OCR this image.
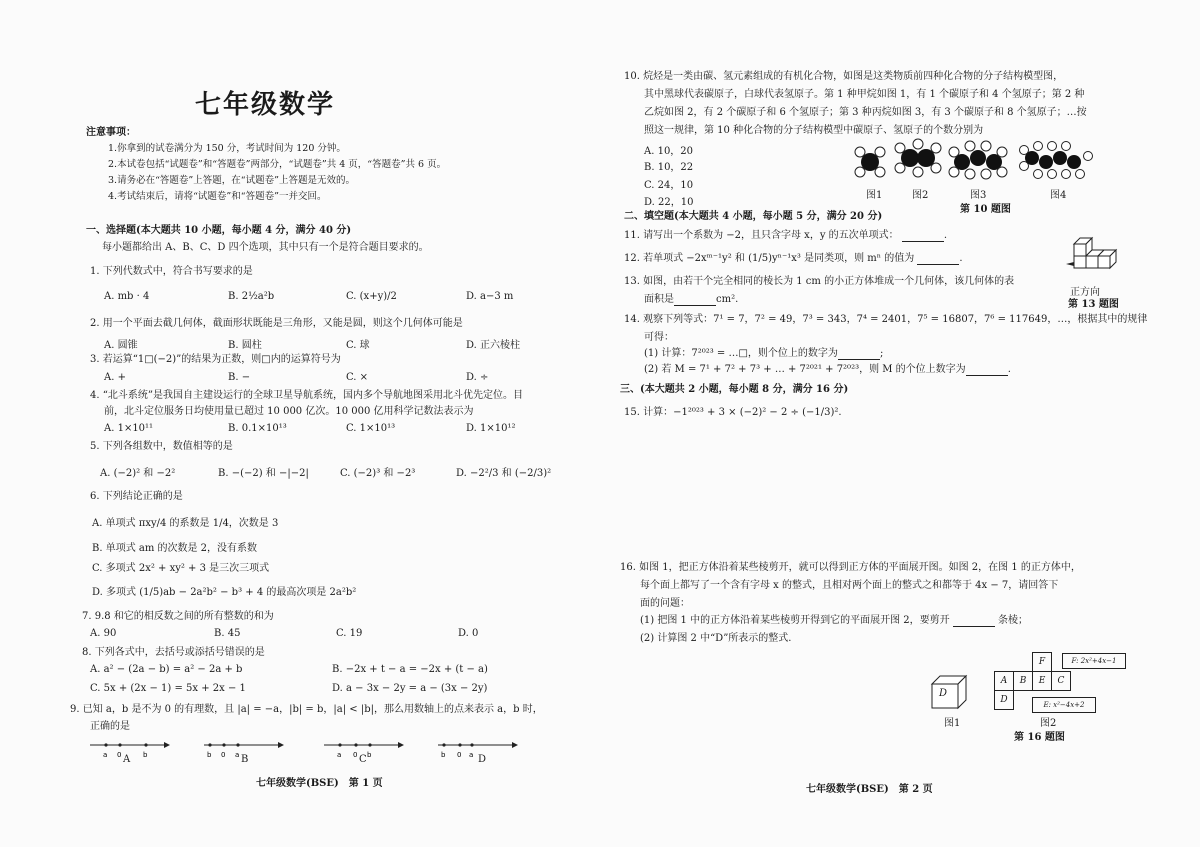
七年级数学
注意事项：
1.你拿到的试卷满分为 150 分，考试时间为 120 分钟。
2.本试卷包括“试题卷”和“答题卷”两部分，“试题卷”共 4 页，“答题卷”共 6 页。
3.请务必在“答题卷”上答题，在“试题卷”上答题是无效的。
4.考试结束后，请将“试题卷”和“答题卷”一并交回。
一、选择题(本大题共 10 小题，每小题 4 分，满分 40 分)
每小题都给出 A、B、C、D 四个选项，其中只有一个是符合题目要求的。
1. 下列代数式中，符合书写要求的是
A. mb · 4	B. 2½a²b	C. (x+y)/2	D. a−3 m
2. 用一个平面去截几何体，截面形状既能是三角形，又能是圆，则这个几何体可能是
A. 圆锥	B. 圆柱	C. 球	D. 正六棱柱
3. 若运算“1□(−2)”的结果为正数，则□内的运算符号为
A. +	B. −	C. ×	D. ÷
4. “北斗系统”是我国自主建设运行的全球卫星导航系统，国内多个导航地图采用北斗优先定位。目
前，北斗定位服务日均使用量已超过 10 000 亿次。10 000 亿用科学记数法表示为
A. 1×10¹¹	B. 0.1×10¹³	C. 1×10¹³	D. 1×10¹²
5. 下列各组数中，数值相等的是
A. (−2)² 和 −2²	B. −(−2) 和 −|−2|	C. (−2)³ 和 −2³	D. −2²/3 和 (−2/3)²
6. 下列结论正确的是
A. 单项式 πxy/4 的系数是 1/4，次数是 3
B. 单项式 am 的次数是 2，没有系数
C. 多项式 2x² + xy² + 3 是三次三项式
D. 多项式 (1/5)ab − 2a²b² − b³ + 4 的最高次项是 2a²b²
7. 9.8 和它的相反数之间的所有整数的和为
A. 90	B. 45	C. 19	D. 0
8. 下列各式中，去括号或添括号错误的是
A. a² − (2a − b) = a² − 2a + b	B. −2x + t − a = −2x + (t − a)
C. 5x + (2x − 1) = 5x + 2x − 1	D. a − 3x − 2y = a − (3x − 2y)
9. 已知 a，b 是不为 0 的有理数，且 |a| = −a，|b| = b，|a| < |b|，那么用数轴上的点来表示 a，b 时，
正确的是
a 0	b	b 0 a	a 0 b	b 0 a
A	B	C	D
七年级数学(BSE)　第 1 页
10. 烷烃是一类由碳、氢元素组成的有机化合物，如图是这类物质前四种化合物的分子结构模型图，
其中黑球代表碳原子，白球代表氢原子。第 1 种甲烷如图 1，有 1 个碳原子和 4 个氢原子；第 2 种
乙烷如图 2，有 2 个碳原子和 6 个氢原子；第 3 种丙烷如图 3，有 3 个碳原子和 8 个氢原子；…按
照这一规律，第 10 种化合物的分子结构模型中碳原子、氢原子的个数分别为
A. 10，20
B. 10，22
C. 24，10
D. 22，10
图1	图2	图3	图4
第 10 题图
二、填空题(本大题共 4 小题，每小题 5 分，满分 20 分)
11. 请写出一个系数为 −2，且只含字母 x，y 的五次单项式：	.
12. 若单项式 −2xᵐ⁻¹y² 和 (1/5)yⁿ⁻¹x³ 是同类项，则 mⁿ 的值为	.
13. 如图，由若干个完全相同的棱长为 1 cm 的小正方体堆成一个几何体，该几何体的表
面积是	cm².
正方向
第 13 题图
14. 观察下列等式：7¹ = 7，7² = 49，7³ = 343，7⁴ = 2401，7⁵ = 16807，7⁶ = 117649，…，根据其中的规律
可得：
(1) 计算：7²⁰²³ = …□，则个位上的数字为	;
(2) 若 M = 7¹ + 7² + 7³ + … + 7²⁰²¹ + 7²⁰²³，则 M 的个位上数字为	.
三、(本大题共 2 小题，每小题 8 分，满分 16 分)
15. 计算：−1²⁰²³ + 3 × (−2)² − 2 ÷ (−1/3)².
16. 如图 1，把正方体沿着某些棱剪开，就可以得到正方体的平面展开图。如图 2，在图 1 的正方体中，
每个面上都写了一个含有字母 x 的整式，且相对两个面上的整式之和都等于 4x − 7，请回答下
面的问题：
(1) 把图 1 中的正方体沿着某些棱剪开得到它的平面展开图 2，要剪开	条棱；
(2) 计算图 2 中“D”所表示的整式.
D
图1
F	F: 2x²+4x−1
A	B	E	C
D	E: x²−4x+2
图2
第 16 题图
七年级数学(BSE)　第 2 页
